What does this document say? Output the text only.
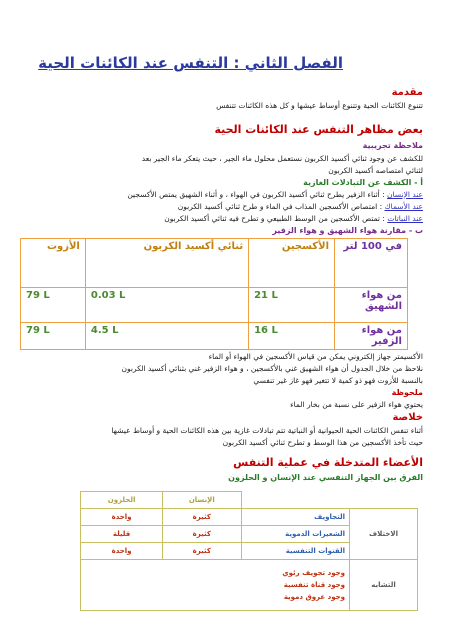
الفصل الثاني : التنفس عند الكائنات الحية
مقدمة
تتنوع الكائنات الحية وتتنوع أوساط عيشها و كل هذه الكائنات تتنفس
بعض مظاهر التنفس عند الكائنات الحية
ملاحظة تجريبية
للكشف عن وجود ثنائي أكسيد الكربون نستعمل محلول ماء الجير ، حيث يتعكر ماء الجير بعد
لثنائي امتصاصه أكسيد الكربون
أ - الكشف عن التبادلات الغازية
عند الإنسان : أثناء الزفير يطرح ثنائي أكسيد الكربون في الهواء ، و أثناء الشهيق يمتص الأكسجين
عند الأسماك : امتصاص الأكسجين المذاب في الماء و طرح ثنائي أكسيد الكربون
عند النباتات : تمتص الأكسجين من الوسط الطبيعي و تطرح فيه ثنائي أكسيد الكربون
ب - مقارنة هواء الشهيق و هواء الزفير
في 100 لتر	الأكسجين	ثنائي أكسيد الكربون	الأزوت
من هواء الشهيق	21 L	0.03 L	79 L
من هواء الزفير	16 L	4.5 L	79 L
الأكسيمتر جهاز إلكتروني يمكن من قياس الأكسجين في الهواء أو الماء
نلاحظ من خلال الجدول أن هواء الشهيق غني بالأكسجين ، و هواء الزفير غني بثنائي أكسيد الكربون
بالنسبة للأزوت فهو ذو كمية لا تتغير فهو غاز غير تنفسي
ملحوظة
يحتوي هواء الزفير على نسبة من بخار الماء
خلاصة
أثناء تنفس الكائنات الحية الحيوانية أو النباتية تتم تبادلات غازية بين هذه الكائنات الحية و أوساط عيشها
حيث تأخذ الأكسجين من هذا الوسط و تطرح ثنائي أكسيد الكربون
الأعضاء المتدخلة في عملية التنفس
الفرق بين الجهاز التنفسي عند الإنسان و الحلزون
		الإنسان	الحلزون
الاختلاف	التجاويف	كثيرة	واحدة
	الشعيرات الدموية	كثيرة	قليلة
	القنوات التنفسية	كثيرة	واحدة
التشابه	وجود تجويف رئوي
وجود قناة تنفسية
وجود عروق دموية		
